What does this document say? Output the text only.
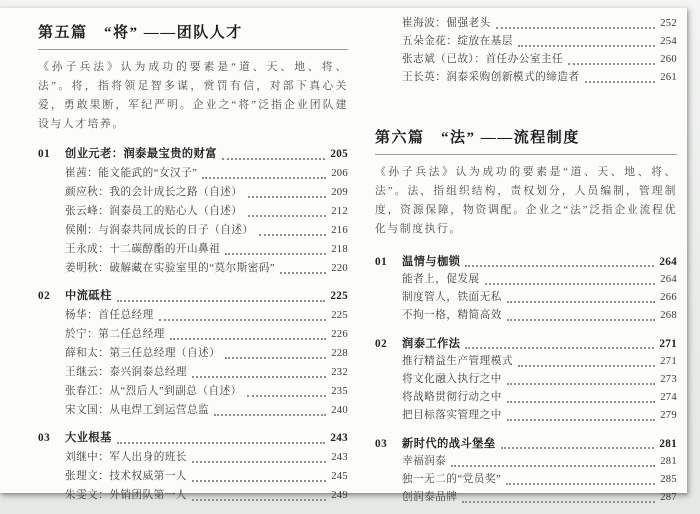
第五篇　“将” ——团队人才

《孙子兵法》认为成功的要素是“道、天、地、将、法”。将，指将领足智多谋，赏罚有信，对部下真心关爱，勇敢果断，军纪严明。企业之“将”泛指企业团队建设与人才培养。

01	创业元老：润泰最宝贵的财富	205
崔茜：能文能武的“女汉子”	206
颜应秋：我的会计成长之路（自述）	209
张云峰：润泰员工的贴心人（自述）	212
侯刚：与润泰共同成长的日子（自述）	216
王永成：十二碳醇酯的开山鼻祖	218
姜明秋：破解藏在实验室里的“莫尔斯密码”	220
02	中流砥柱	225
杨华：首任总经理	225
於宁：第二任总经理	226
薛和太：第三任总经理（自述）	228
王继云：泰兴润泰总经理	232
张春江：从“烈后人”到副总（自述）	235
宋文国：从电焊工到运营总监	240
03	大业根基	243
刘继中：军人出身的班长	243
张理文：技术权威第一人	245
朱雯文：外销团队第一人	249
崔海波：倔强老头	252
五朵金花：绽放在基层	254
张志斌（已故）：首任办公室主任	260
王长英：润泰采购创新模式的缔造者	261
第六篇　“法” ——流程制度

《孙子兵法》认为成功的要素是“道、天、地、将、法”。法，指组织结构，责权划分，人员编制，管理制度，资源保障，物资调配。企业之“法”泛指企业流程优化与制度执行。

01	温情与枷锁	264
能者上，促发展	264
制度管人，铁面无私	266
不拘一格，精简高效	268
02	润泰工作法	271
推行精益生产管理模式	271
将文化融入执行之中	273
将战略贯彻行动之中	274
把目标落实管理之中	279
03	新时代的战斗堡垒	281
幸福润泰	281
独一无二的“党员奖”	285
创润泰品牌	287
